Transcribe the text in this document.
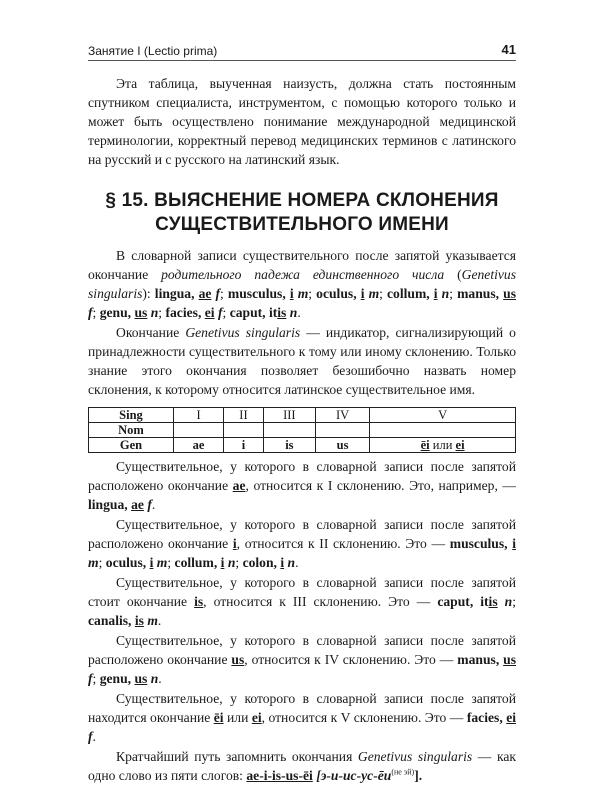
Занятие I (Lectio prima)	41

Эта таблица, выученная наизусть, должна стать постоянным спутником специалиста, инструментом, с помощью которого только и может быть осуществлено понимание международной медицинской терминологии, корректный перевод медицинских терминов с латинского на русский и с русского на латинский язык.

§ 15. ВЫЯСНЕНИЕ НОМЕРА СКЛОНЕНИЯ
СУЩЕСТВИТЕЛЬНОГО ИМЕНИ

В словарной записи существительного после запятой указывается окончание родительного падежа единственного числа (Genetivus singularis): lingua, ae f; musculus, i m; oculus, i m; collum, i n; manus, us f; genu, us n; facies, ei f; caput, itis n.

Окончание Genetivus singularis — индикатор, сигнализирующий о принадлежности существительного к тому или иному склонению. Только знание этого окончания позволяет безошибочно назвать номер склонения, к которому относится латинское существительное имя.

Sing	I	II	III	IV	V
Nom					
Gen	ae	i	is	us	ēi или ei

Существительное, у которого в словарной записи после запятой расположено окончание ae, относится к I склонению. Это, например, — lingua, ae f.

Существительное, у которого в словарной записи после запятой расположено окончание i, относится к II склонению. Это — musculus, i m; oculus, i m; collum, i n; colon, i n.

Существительное, у которого в словарной записи после запятой стоит окончание is, относится к III склонению. Это — caput, itis n; canalis, is m.

Существительное, у которого в словарной записи после запятой расположено окончание us, относится к IV склонению. Это — manus, us f; genu, us n.

Существительное, у которого в словарной записи после запятой находится окончание ēi или ei, относится к V склонению. Это — facies, ei f.

Кратчайший путь запомнить окончания Genetivus singularis — как одно слово из пяти слогов: ae-i-is-us-ēi $[э-и-ис-ус-ēи^{(не эй)}]$.
